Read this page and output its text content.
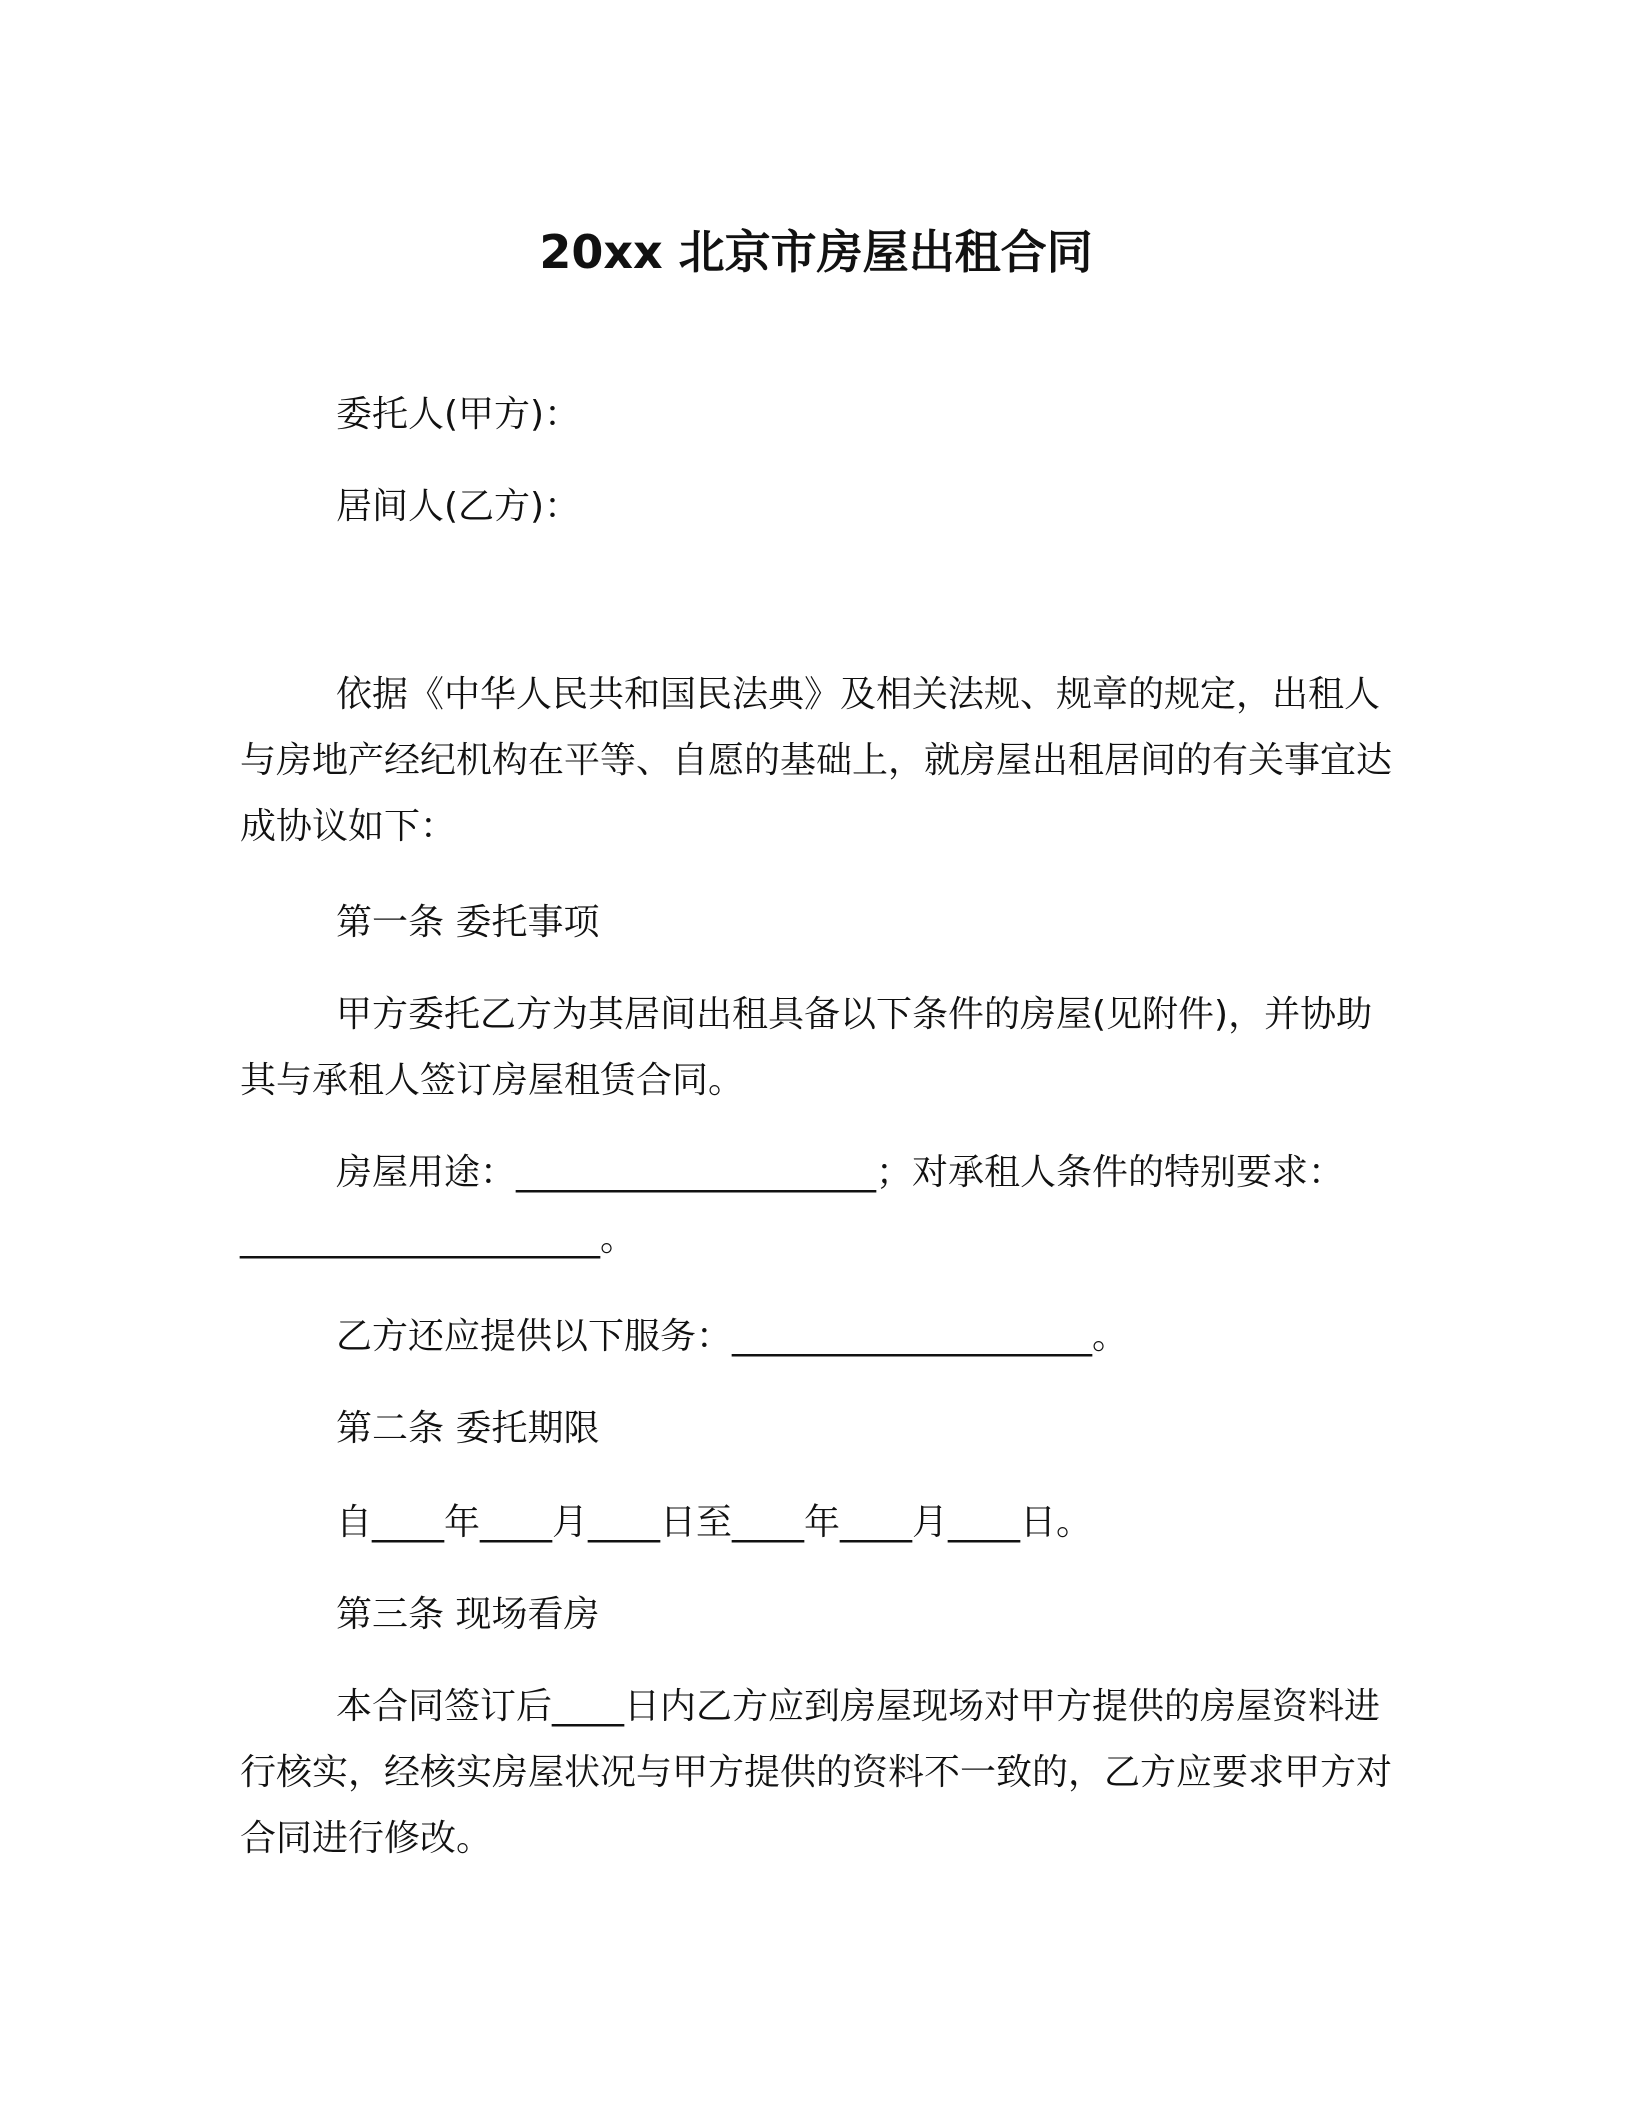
20xx 北京市房屋出租合同

委托人(甲方)：

居间人(乙方)：

依据《中华人民共和国民法典》及相关法规、规章的规定，出租人与房地产经纪机构在平等、自愿的基础上，就房屋出租居间的有关事宜达成协议如下：

第一条 委托事项

甲方委托乙方为其居间出租具备以下条件的房屋(见附件)，并协助其与承租人签订房屋租赁合同。

房屋用途：____________________；对承租人条件的特别要求：____________________。

乙方还应提供以下服务：____________________。

第二条 委托期限

自____年____月____日至____年____月____日。

第三条 现场看房

本合同签订后____日内乙方应到房屋现场对甲方提供的房屋资料进行核实，经核实房屋状况与甲方提供的资料不一致的，乙方应要求甲方对合同进行修改。
